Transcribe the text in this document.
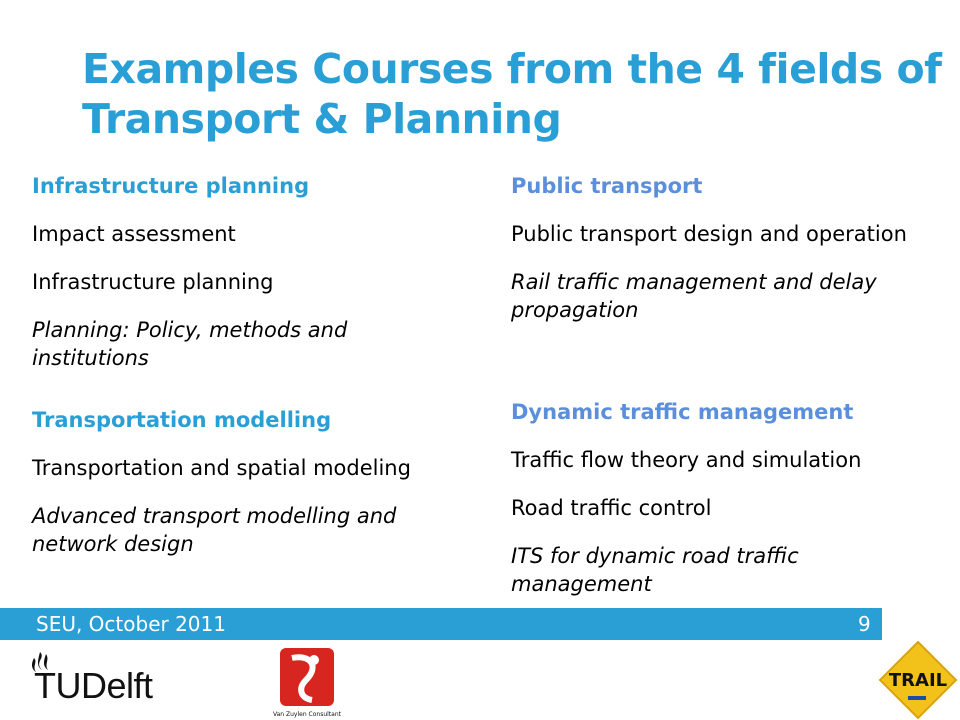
Examples Courses from the 4 fields of
Transport & Planning
Infrastructure planning
Impact assessment
Infrastructure planning
Planning: Policy, methods and
institutions
Transportation modelling
Transportation and spatial modeling
Advanced transport modelling and
network design
Public transport
Public transport design and operation
Rail traffic management and delay
propagation
Dynamic traffic management
Traffic flow theory and simulation
Road traffic control
ITS for dynamic road traffic
management
SEU, October 2011	9
TUDelft
Van Zuylen Consultant
TRAIL
